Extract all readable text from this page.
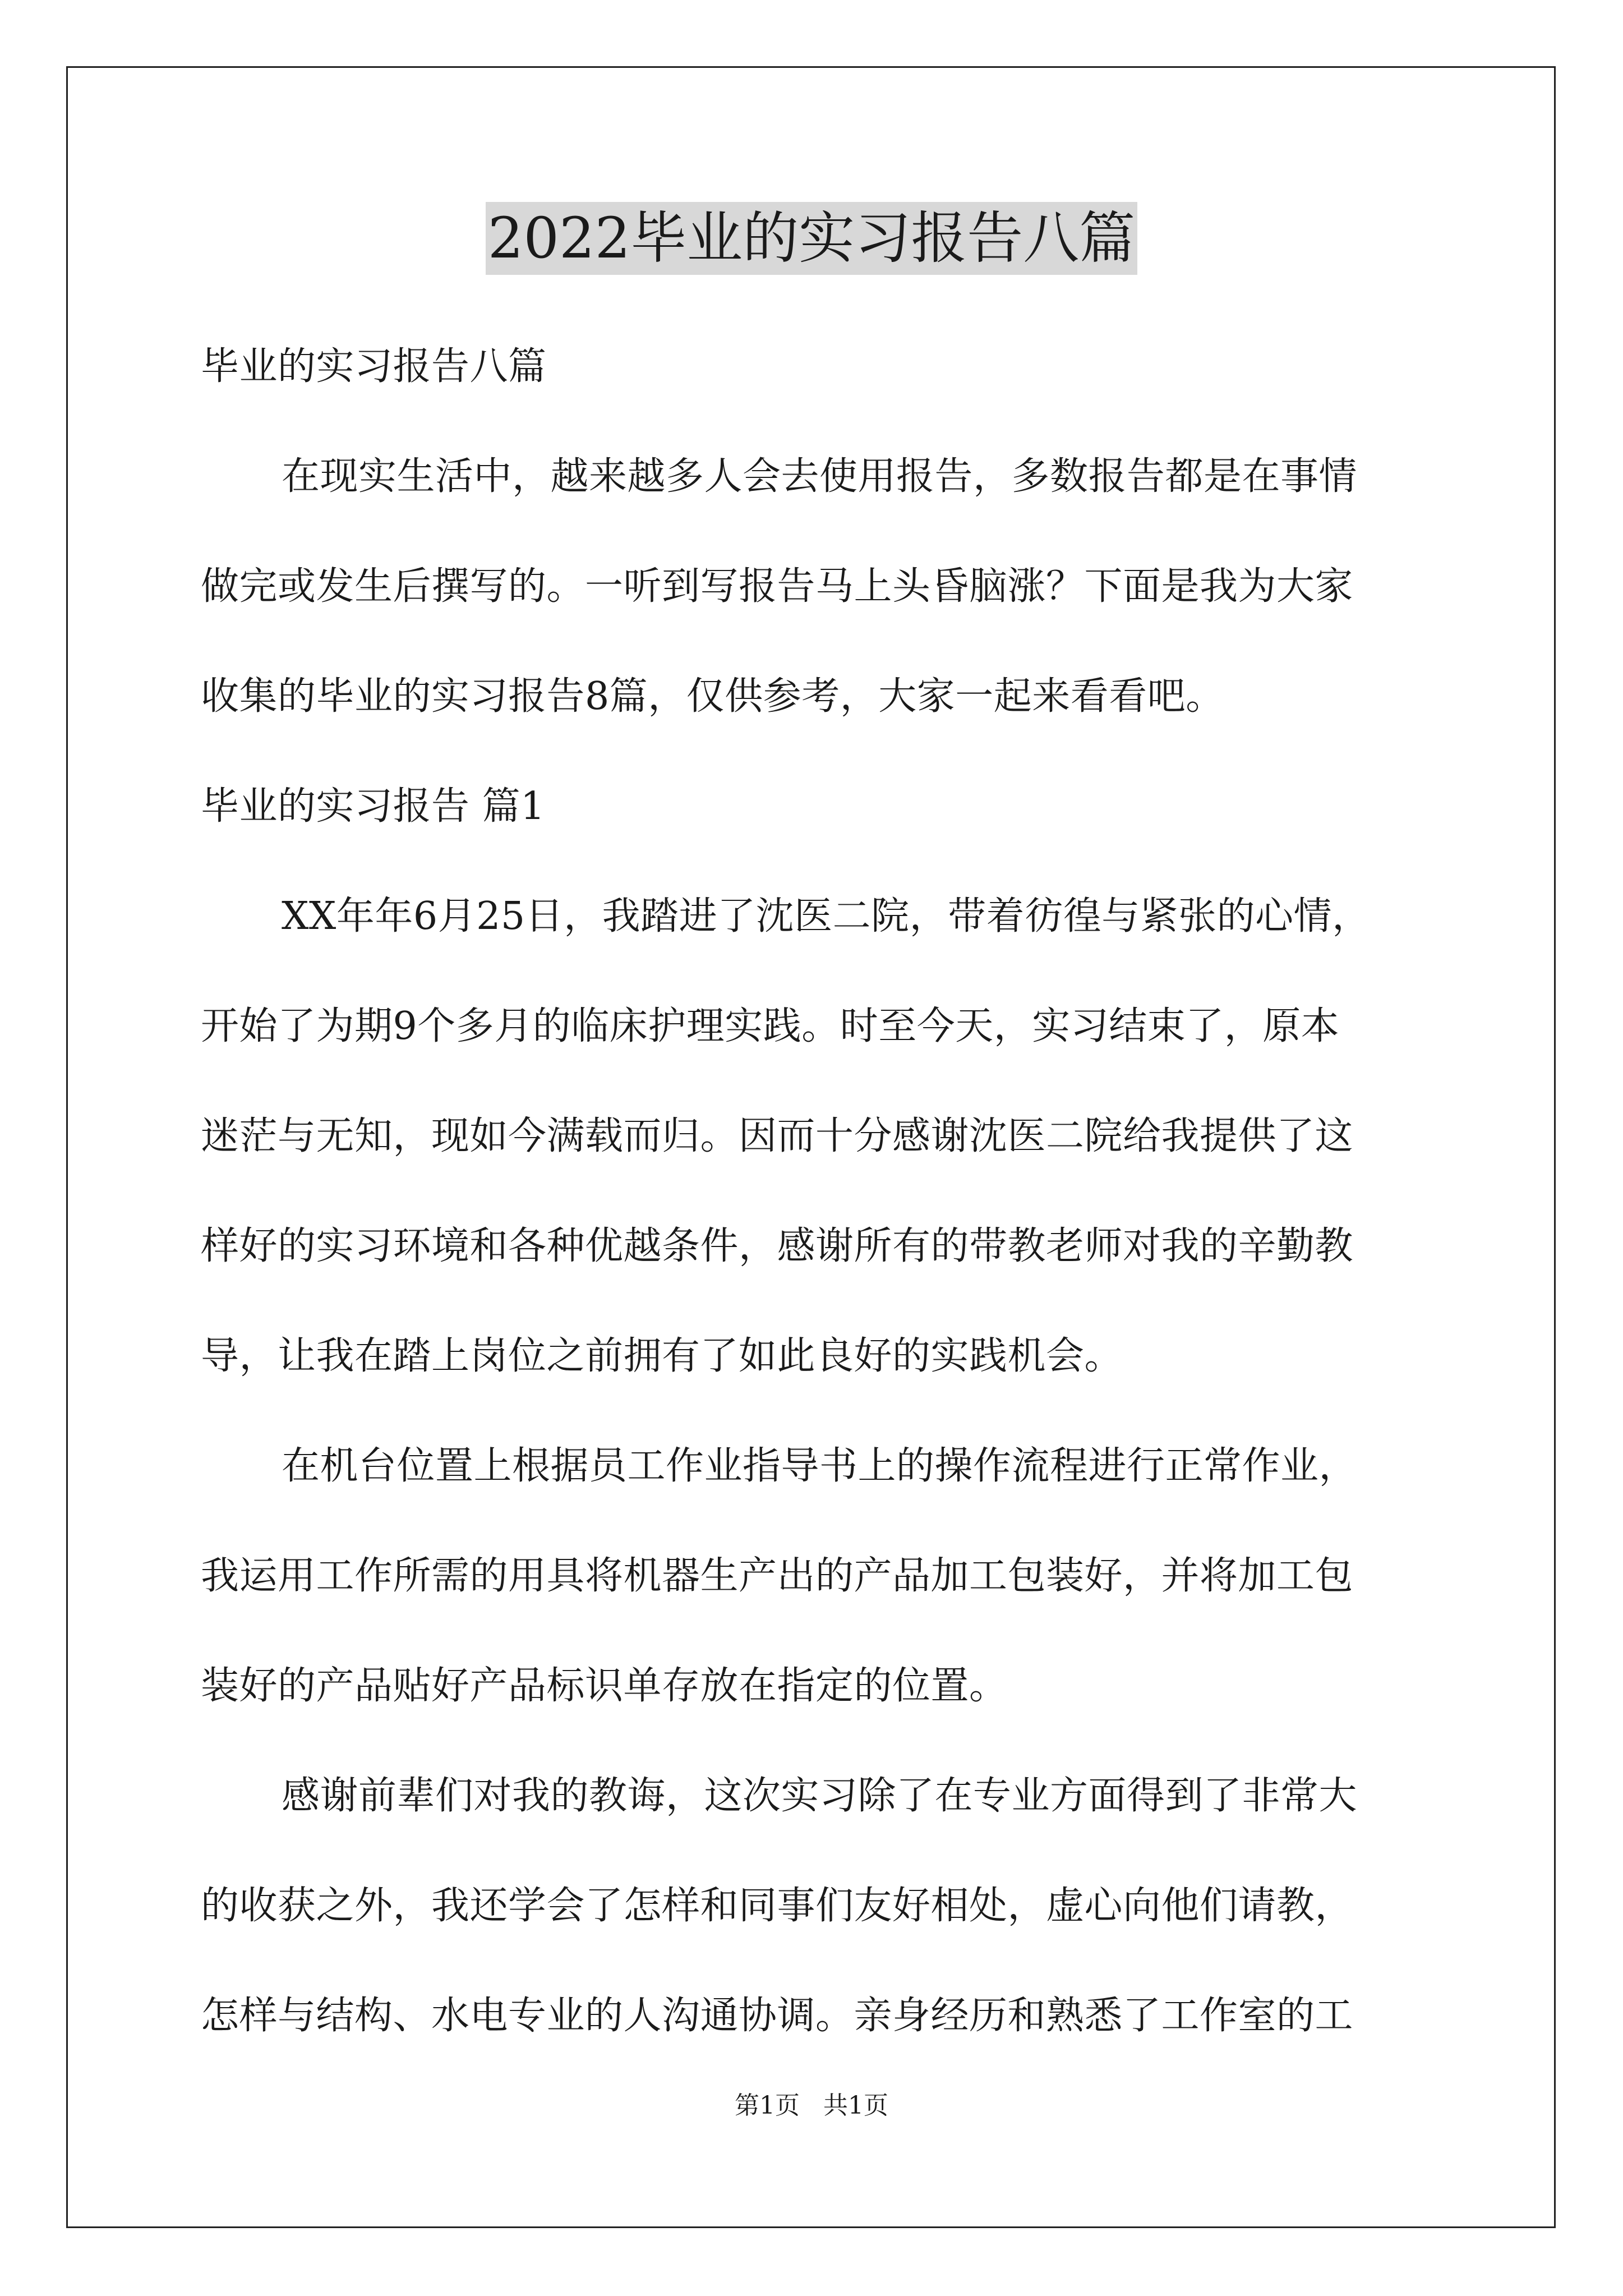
2022毕业的实习报告八篇
毕业的实习报告八篇
在现实生活中，越来越多人会去使用报告，多数报告都是在事情
做完或发生后撰写的。一听到写报告马上头昏脑涨？下面是我为大家
收集的毕业的实习报告8篇，仅供参考，大家一起来看看吧。
毕业的实习报告 篇1
XX年年6月25日，我踏进了沈医二院，带着彷徨与紧张的心情，
开始了为期9个多月的临床护理实践。时至今天，实习结束了，原本
迷茫与无知，现如今满载而归。因而十分感谢沈医二院给我提供了这
样好的实习环境和各种优越条件，感谢所有的带教老师对我的辛勤教
导，让我在踏上岗位之前拥有了如此良好的实践机会。
在机台位置上根据员工作业指导书上的操作流程进行正常作业，
我运用工作所需的用具将机器生产出的产品加工包装好，并将加工包
装好的产品贴好产品标识单存放在指定的位置。
感谢前辈们对我的教诲，这次实习除了在专业方面得到了非常大
的收获之外，我还学会了怎样和同事们友好相处，虚心向他们请教，
怎样与结构、水电专业的人沟通协调。亲身经历和熟悉了工作室的工
第1页 共1页
